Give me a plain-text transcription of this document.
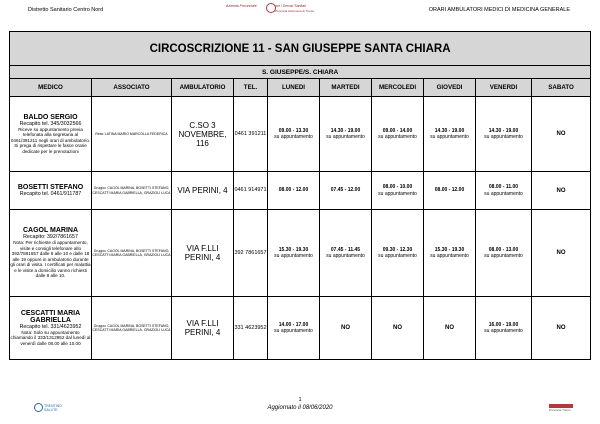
Distretto Sanitario Centro Nord
Azienda Provinciale	per i Servizi Sanitari
Provincia Autonoma di Trento	ORARI AMBULATORI MEDICI DI MEDICINA GENERALE
CIRCOSCRIZIONE 11 - SAN GIUSEPPE SANTA CHIARA									
S. GIUSEPPE/S. CHIARA									
MEDICO	ASSOCIATO	AMBULATORIO	TEL.	LUNEDI	MARTEDI	MERCOLEDI	GIOVEDI	VENERDI	SABATO

BALDO SERGIO
Recapito tel. 345/3032566
Riceve su appuntamento previa telefonata alla segretaria al 0461/391211 negli orari di ambulatorio. Si prega di rispettare le fasce orarie dedicate per le prenotazioni	Reta: LATINA MARIO MARCOLLA FEDERICA	C.SO 3 NOVEMBRE, 116	0461 391211	09.00 - 13.30
su appuntamento	14.30 - 19.00
su appuntamento	09.00 - 14.00
su appuntamento	14.30 - 19.00
su appuntamento	14.30 - 19.00
su appuntamento	NO

BOSETTI STEFANO
Recapito tel. 0461/911787	Gruppo: CAGOL MARINA, BOSETTI STEFANO, CESCATTI MARIA GABRIELLA, GRAZIOLI LUCA	VIA PERINI, 4	0461 914971	08.00 - 12.00	07.45 - 12.00	08.00 - 10.00
su appuntamento	08.00 - 12.00	08.00 - 11.00
su appuntamento	NO

CAGOL MARINA
Recapito: 392/7861657
Nota: Per richieste di appuntamento, visite e consigli telefonare allo 392/7861657 dalle 8 alle 10 e dalle 18 alle 19 oppure in ambulatorio durante gli orari di visita. I certificati per malattia e le visite a domicilio vanno richiesti dalle 8 alle 10.	Gruppo: CAGOL MARINA, BOSETTI STEFANO, CESCATTI MARIA GABRIELLA, GRAZIOLI LUCA	VIA F.LLI PERINI, 4	392 7861657	15.30 - 19.30
su appuntamento	07.45 - 11.45
su appuntamento	09.30 - 12.30
su appuntamento	15.30 - 19.30
su appuntamento	08.00 - 13.00
su appuntamento	NO

CESCATTI MARIA GABRIELLA
Recapito tel. 331/4623952
Nota: Solo su appuntamento chiamando il 333/1312952 dal lunedì al venerdì dalle 08.00 alle 10.00	Gruppo: CAGOL MARINA, BOSETTI STEFANO, CESCATTI MARIA GABRIELLA, GRAZIOLI LUCA	VIA F.LLI PERINI, 4	331 4623952	14.00 - 17.00
su appuntamento	NO	NO	NO	16.00 - 19.00
su appuntamento	NO
TRENTINO SALUTE
1
Aggiornato il 08/06/2020	Provincia Trento
